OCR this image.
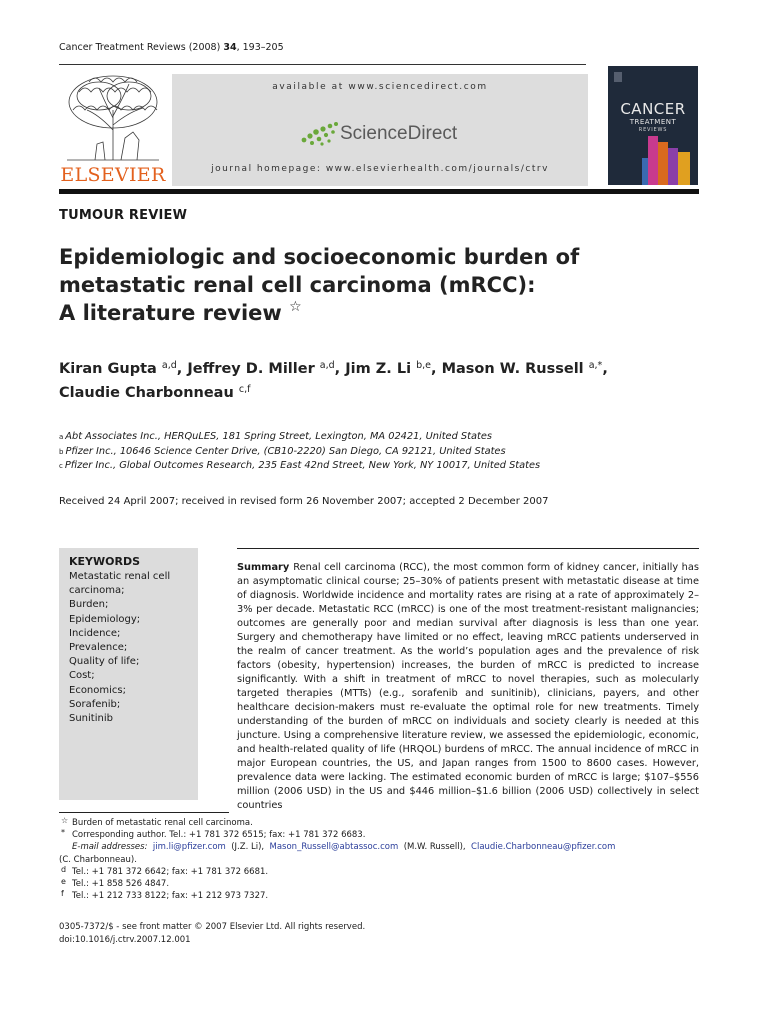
Cancer Treatment Reviews (2008) 34, 193–205
ELSEVIER
available at www.sciencedirect.com
ScienceDirect
journal homepage: www.elsevierhealth.com/journals/ctrv
CANCER
TREATMENT
REVIEWS
TUMOUR REVIEW
Epidemiologic and socioeconomic burden of
metastatic renal cell carcinoma (mRCC):
A literature review ☆
Kiran Gupta $^{a,d}$, Jeffrey D. Miller $^{a,d}$, Jim Z. Li $^{b,e}$, Mason W. Russell $^{a,*}$,
Claudie Charbonneau $^{c,f}$
$^a$ Abt Associates Inc., HERQuLES, 181 Spring Street, Lexington, MA 02421, United States
$^b$ Pfizer Inc., 10646 Science Center Drive, (CB10-2220) San Diego, CA 92121, United States
$^c$ Pfizer Inc., Global Outcomes Research, 235 East 42nd Street, New York, NY 10017, United States
Received 24 April 2007; received in revised form 26 November 2007; accepted 2 December 2007
KEYWORDS
Metastatic renal cell
carcinoma;
Burden;
Epidemiology;
Incidence;
Prevalence;
Quality of life;
Cost;
Economics;
Sorafenib;
Sunitinib
Summary Renal cell carcinoma (RCC), the most common form of kidney cancer, initially has an asymptomatic clinical course; 25–30% of patients present with metastatic disease at time of diagnosis. Worldwide incidence and mortality rates are rising at a rate of approximately 2–3% per decade. Metastatic RCC (mRCC) is one of the most treatment-resistant malignancies; outcomes are generally poor and median survival after diagnosis is less than one year. Surgery and chemotherapy have limited or no effect, leaving mRCC patients underserved in the realm of cancer treatment. As the world’s population ages and the prevalence of risk factors (obesity, hypertension) increases, the burden of mRCC is predicted to increase significantly. With a shift in treatment of mRCC to novel therapies, such as molecularly targeted therapies (MTTs) (e.g., sorafenib and sunitinib), clinicians, payers, and other healthcare decision-makers must re-evaluate the optimal role for new treatments. Timely understanding of the burden of mRCC on individuals and society clearly is needed at this juncture. Using a comprehensive literature review, we assessed the epidemiologic, economic, and health-related quality of life (HRQOL) burdens of mRCC. The annual incidence of mRCC in major European countries, the US, and Japan ranges from 1500 to 8600 cases. However, prevalence data were lacking. The estimated economic burden of mRCC is large; $107–$556 million (2006 USD) in the US and $446 million–$1.6 billion (2006 USD) collectively in select countries
☆ Burden of metastatic renal cell carcinoma.
* Corresponding author. Tel.: +1 781 372 6515; fax: +1 781 372 6683.
E-mail addresses: jim.li@pfizer.com (J.Z. Li), Mason_Russell@abtassoc.com (M.W. Russell), Claudie.Charbonneau@pfizer.com
(C. Charbonneau).
d Tel.: +1 781 372 6642; fax: +1 781 372 6681.
e Tel.: +1 858 526 4847.
f Tel.: +1 212 733 8122; fax: +1 212 973 7327.
0305-7372/$ - see front matter © 2007 Elsevier Ltd. All rights reserved.
doi:10.1016/j.ctrv.2007.12.001
